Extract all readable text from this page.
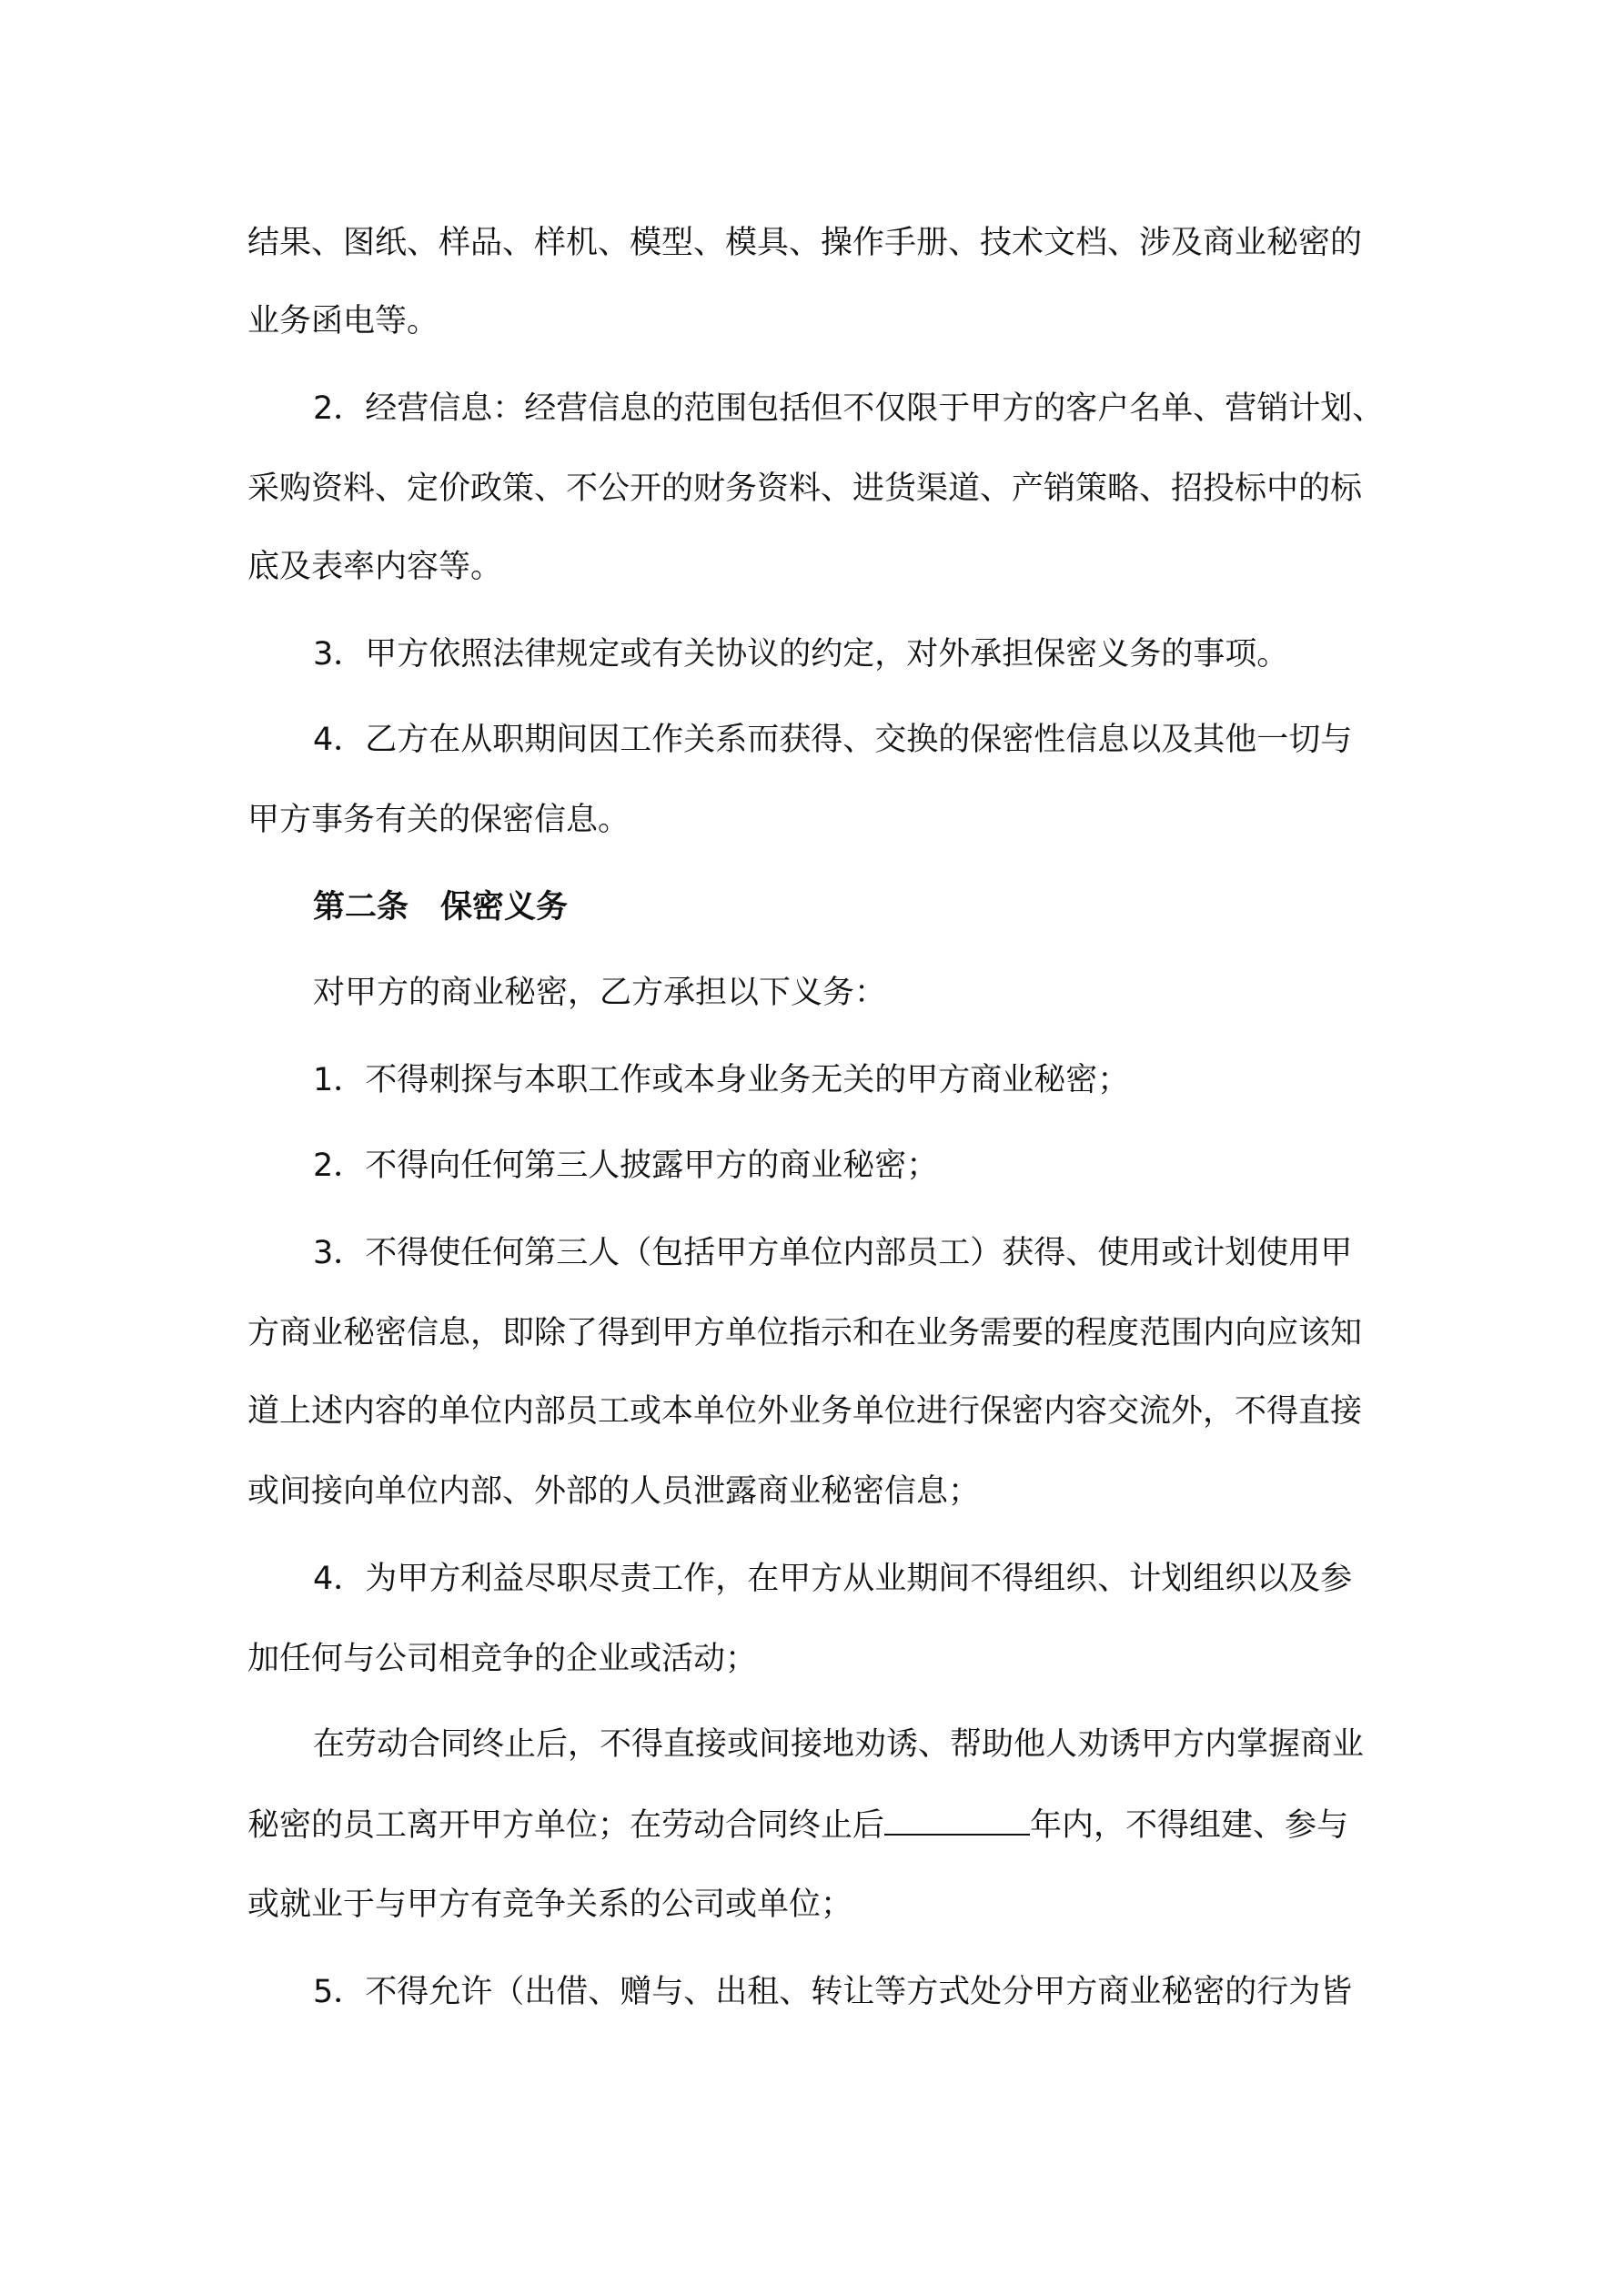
结果、图纸、样品、样机、模型、模具、操作手册、技术文档、涉及商业秘密的
业务函电等。
2．经营信息：经营信息的范围包括但不仅限于甲方的客户名单、营销计划、
采购资料、定价政策、不公开的财务资料、进货渠道、产销策略、招投标中的标
底及表率内容等。
3．甲方依照法律规定或有关协议的约定，对外承担保密义务的事项。
4．乙方在从职期间因工作关系而获得、交换的保密性信息以及其他一切与
甲方事务有关的保密信息。
第二条　保密义务
对甲方的商业秘密，乙方承担以下义务：
1．不得刺探与本职工作或本身业务无关的甲方商业秘密；
2．不得向任何第三人披露甲方的商业秘密；
3．不得使任何第三人（包括甲方单位内部员工）获得、使用或计划使用甲
方商业秘密信息，即除了得到甲方单位指示和在业务需要的程度范围内向应该知
道上述内容的单位内部员工或本单位外业务单位进行保密内容交流外，不得直接
或间接向单位内部、外部的人员泄露商业秘密信息；
4．为甲方利益尽职尽责工作，在甲方从业期间不得组织、计划组织以及参
加任何与公司相竞争的企业或活动；
在劳动合同终止后，不得直接或间接地劝诱、帮助他人劝诱甲方内掌握商业
秘密的员工离开甲方单位；在劳动合同终止后	年内，不得组建、参与
或就业于与甲方有竞争关系的公司或单位；
5．不得允许（出借、赠与、出租、转让等方式处分甲方商业秘密的行为皆
